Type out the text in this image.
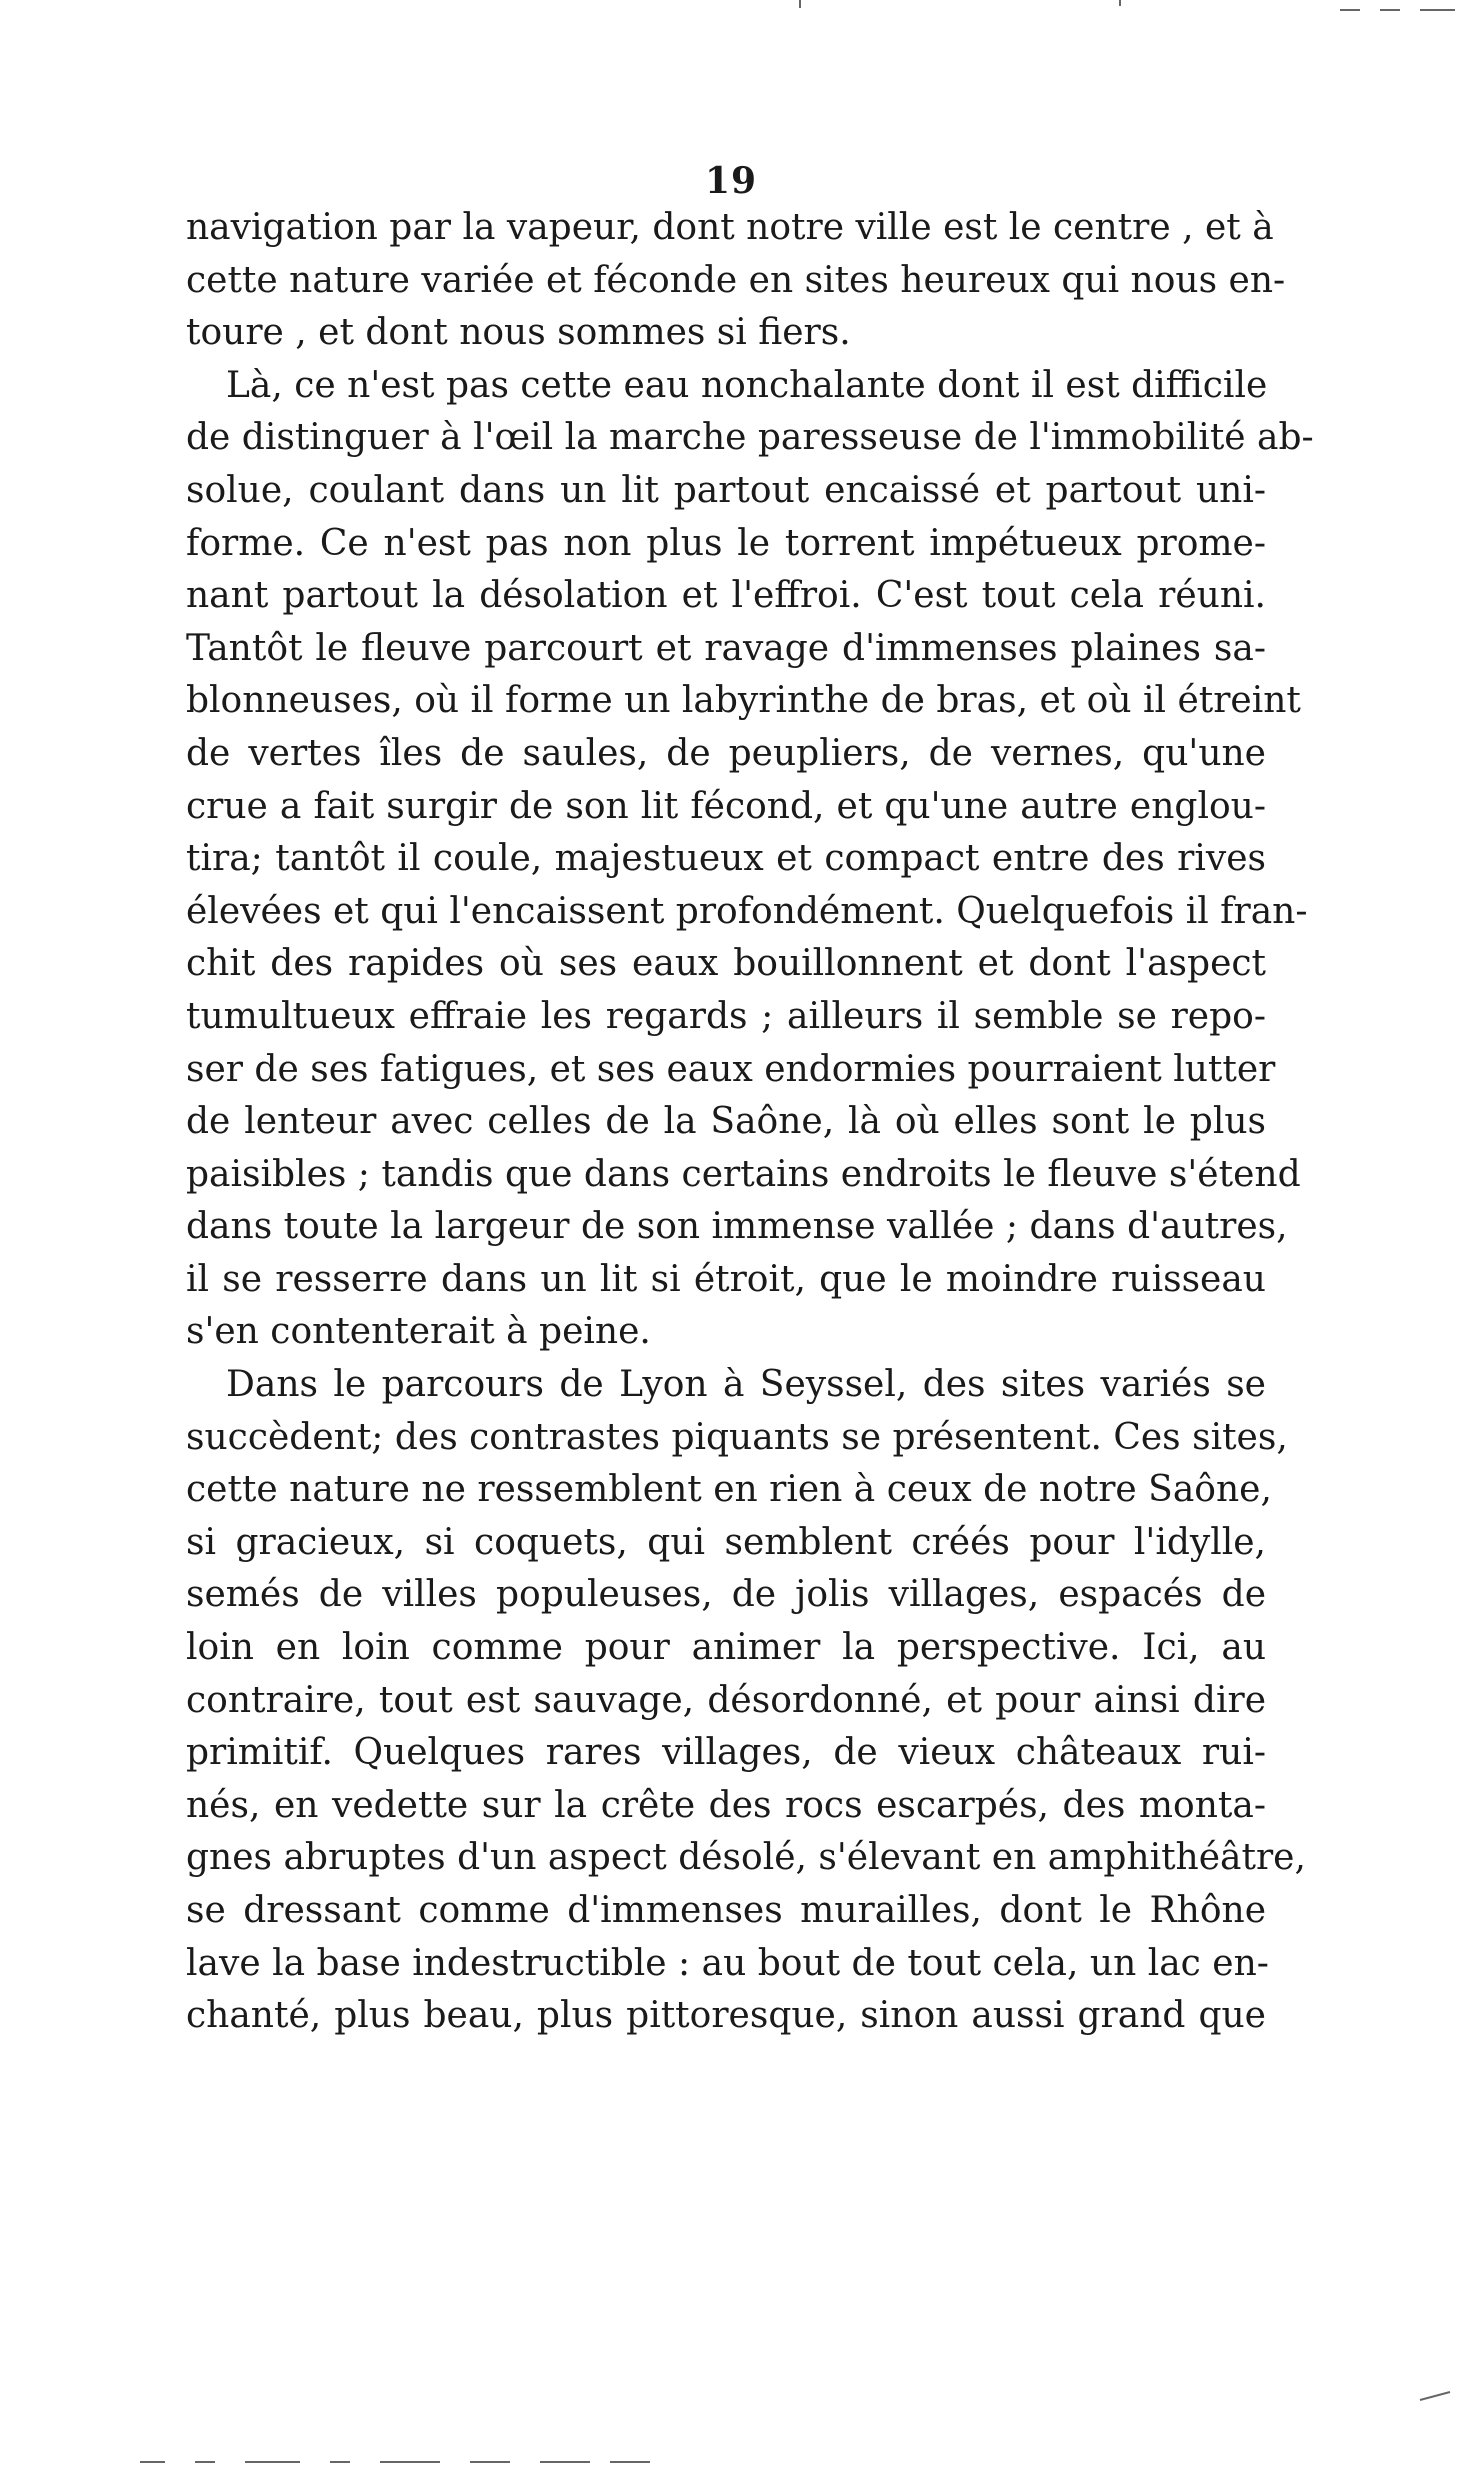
19
navigation par la vapeur, dont notre ville est le centre , et à
cette nature variée et féconde en sites heureux qui nous en-
toure , et dont nous sommes si fiers.
Là, ce n'est pas cette eau nonchalante dont il est difficile
de distinguer à l'œil la marche paresseuse de l'immobilité ab-
solue, coulant dans un lit partout encaissé et partout uni-
forme. Ce n'est pas non plus le torrent impétueux prome-
nant partout la désolation et l'effroi. C'est tout cela réuni.
Tantôt le fleuve parcourt et ravage d'immenses plaines sa-
blonneuses, où il forme un labyrinthe de bras, et où il étreint
de vertes îles de saules, de peupliers, de vernes, qu'une
crue a fait surgir de son lit fécond, et qu'une autre englou-
tira; tantôt il coule, majestueux et compact entre des rives
élevées et qui l'encaissent profondément. Quelquefois il fran-
chit des rapides où ses eaux bouillonnent et dont l'aspect
tumultueux effraie les regards ; ailleurs il semble se repo-
ser de ses fatigues, et ses eaux endormies pourraient lutter
de lenteur avec celles de la Saône, là où elles sont le plus
paisibles ; tandis que dans certains endroits le fleuve s'étend
dans toute la largeur de son immense vallée ; dans d'autres,
il se resserre dans un lit si étroit, que le moindre ruisseau
s'en contenterait à peine.
Dans le parcours de Lyon à Seyssel, des sites variés se
succèdent; des contrastes piquants se présentent. Ces sites,
cette nature ne ressemblent en rien à ceux de notre Saône,
si gracieux, si coquets, qui semblent créés pour l'idylle,
semés de villes populeuses, de jolis villages, espacés de
loin en loin comme pour animer la perspective. Ici, au
contraire, tout est sauvage, désordonné, et pour ainsi dire
primitif. Quelques rares villages, de vieux châteaux rui-
nés, en vedette sur la crête des rocs escarpés, des monta-
gnes abruptes d'un aspect désolé, s'élevant en amphithéâtre,
se dressant comme d'immenses murailles, dont le Rhône
lave la base indestructible : au bout de tout cela, un lac en-
chanté, plus beau, plus pittoresque, sinon aussi grand que
